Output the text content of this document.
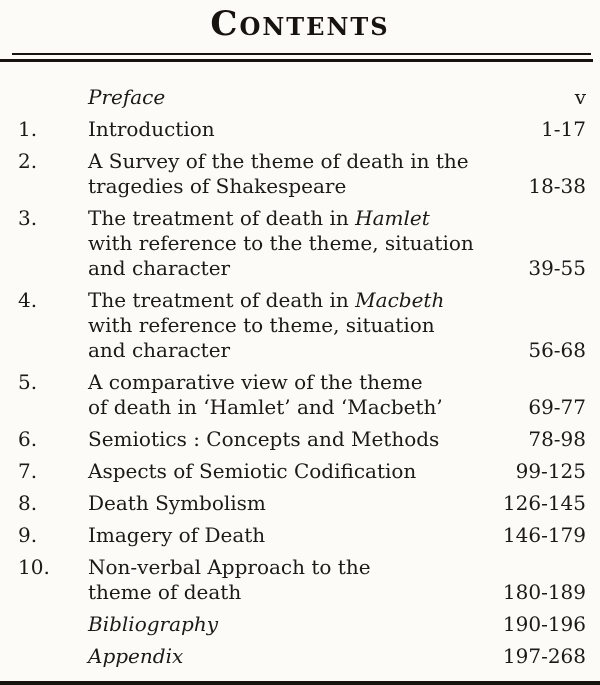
Contents
Preface	v
1.	Introduction	1-17
2.	A Survey of the theme of death in the
tragedies of Shakespeare	18-38
3.	The treatment of death in Hamlet
with reference to the theme, situation
and character	39-55
4.	The treatment of death in Macbeth
with reference to theme, situation
and character	56-68
5.	A comparative view of the theme
of death in ‘Hamlet’ and ‘Macbeth’	69-77
6.	Semiotics : Concepts and Methods	78-98
7.	Aspects of Semiotic Codification	99-125
8.	Death Symbolism	126-145
9.	Imagery of Death	146-179
10.	Non-verbal Approach to the
theme of death	180-189
Bibliography	190-196
Appendix	197-268
